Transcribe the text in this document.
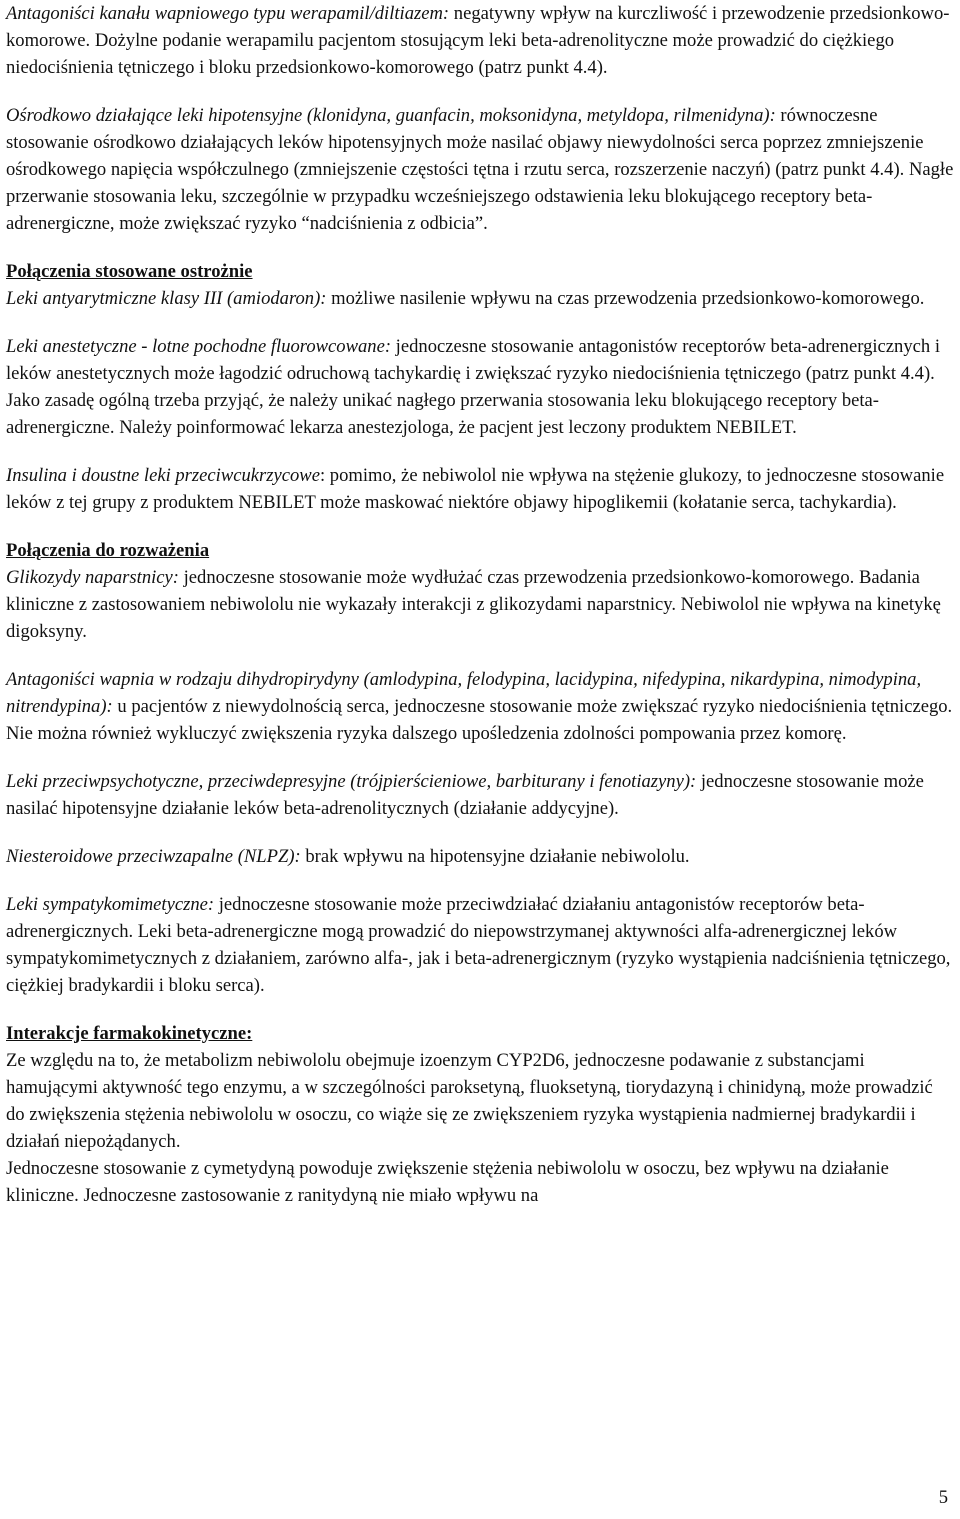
Antagoniści kanału wapniowego typu werapamil/diltiazem: negatywny wpływ na kurczliwość i przewodzenie przedsionkowo-komorowe. Dożylne podanie werapamilu pacjentom stosującym leki beta-adrenolityczne może prowadzić do ciężkiego niedociśnienia tętniczego i bloku przedsionkowo-komorowego (patrz punkt 4.4).

Ośrodkowo działające leki hipotensyjne (klonidyna, guanfacin, moksonidyna, metyldopa, rilmenidyna): równoczesne stosowanie ośrodkowo działających leków hipotensyjnych może nasilać objawy niewydolności serca poprzez zmniejszenie ośrodkowego napięcia współczulnego (zmniejszenie częstości tętna i rzutu serca, rozszerzenie naczyń) (patrz punkt 4.4). Nagłe przerwanie stosowania leku, szczególnie w przypadku wcześniejszego odstawienia leku blokującego receptory beta-adrenergiczne, może zwiększać ryzyko “nadciśnienia z odbicia”.

Połączenia stosowane ostrożnie

Leki antyarytmiczne klasy III (amiodaron): możliwe nasilenie wpływu na czas przewodzenia przedsionkowo-komorowego.

Leki anestetyczne - lotne pochodne fluorowcowane: jednoczesne stosowanie antagonistów receptorów beta-adrenergicznych i leków anestetycznych może łagodzić odruchową tachykardię i zwiększać ryzyko niedociśnienia tętniczego (patrz punkt 4.4). Jako zasadę ogólną trzeba przyjąć, że należy unikać nagłego przerwania stosowania leku blokującego receptory beta-adrenergiczne. Należy poinformować lekarza anestezjologa, że pacjent jest leczony produktem NEBILET.

Insulina i doustne leki przeciwcukrzycowe: pomimo, że nebiwolol nie wpływa na stężenie glukozy, to jednoczesne stosowanie leków z tej grupy z produktem NEBILET może maskować niektóre objawy hipoglikemii (kołatanie serca, tachykardia).

Połączenia do rozważenia

Glikozydy naparstnicy: jednoczesne stosowanie może wydłużać czas przewodzenia przedsionkowo-komorowego. Badania kliniczne z zastosowaniem nebiwololu nie wykazały interakcji z glikozydami naparstnicy. Nebiwolol nie wpływa na kinetykę digoksyny.

Antagoniści wapnia w rodzaju dihydropirydyny (amlodypina, felodypina, lacidypina, nifedypina, nikardypina, nimodypina, nitrendypina): u pacjentów z niewydolnością serca, jednoczesne stosowanie może zwiększać ryzyko niedociśnienia tętniczego. Nie można również wykluczyć zwiększenia ryzyka dalszego upośledzenia zdolności pompowania przez komorę.

Leki przeciwpsychotyczne, przeciwdepresyjne (trójpierścieniowe, barbiturany i fenotiazyny): jednoczesne stosowanie może nasilać hipotensyjne działanie leków beta-adrenolitycznych (działanie addycyjne).

Niesteroidowe przeciwzapalne (NLPZ): brak wpływu na hipotensyjne działanie nebiwololu.

Leki sympatykomimetyczne: jednoczesne stosowanie może przeciwdziałać działaniu antagonistów receptorów beta-adrenergicznych. Leki beta-adrenergiczne mogą prowadzić do niepowstrzymanej aktywności alfa-adrenergicznej leków sympatykomimetycznych z działaniem, zarówno alfa-, jak i beta-adrenergicznym (ryzyko wystąpienia nadciśnienia tętniczego, ciężkiej bradykardii i bloku serca).

Interakcje farmakokinetyczne:

Ze względu na to, że metabolizm nebiwololu obejmuje izoenzym CYP2D6, jednoczesne podawanie z substancjami hamującymi aktywność tego enzymu, a w szczególności paroksetyną, fluoksetyną, tiorydazyną i chinidyną, może prowadzić do zwiększenia stężenia nebiwololu w osoczu, co wiąże się ze zwiększeniem ryzyka wystąpienia nadmiernej bradykardii i działań niepożądanych.

Jednoczesne stosowanie z cymetydyną powoduje zwiększenie stężenia nebiwololu w osoczu, bez wpływu na działanie kliniczne. Jednoczesne zastosowanie z ranitydyną nie miało wpływu na

5
